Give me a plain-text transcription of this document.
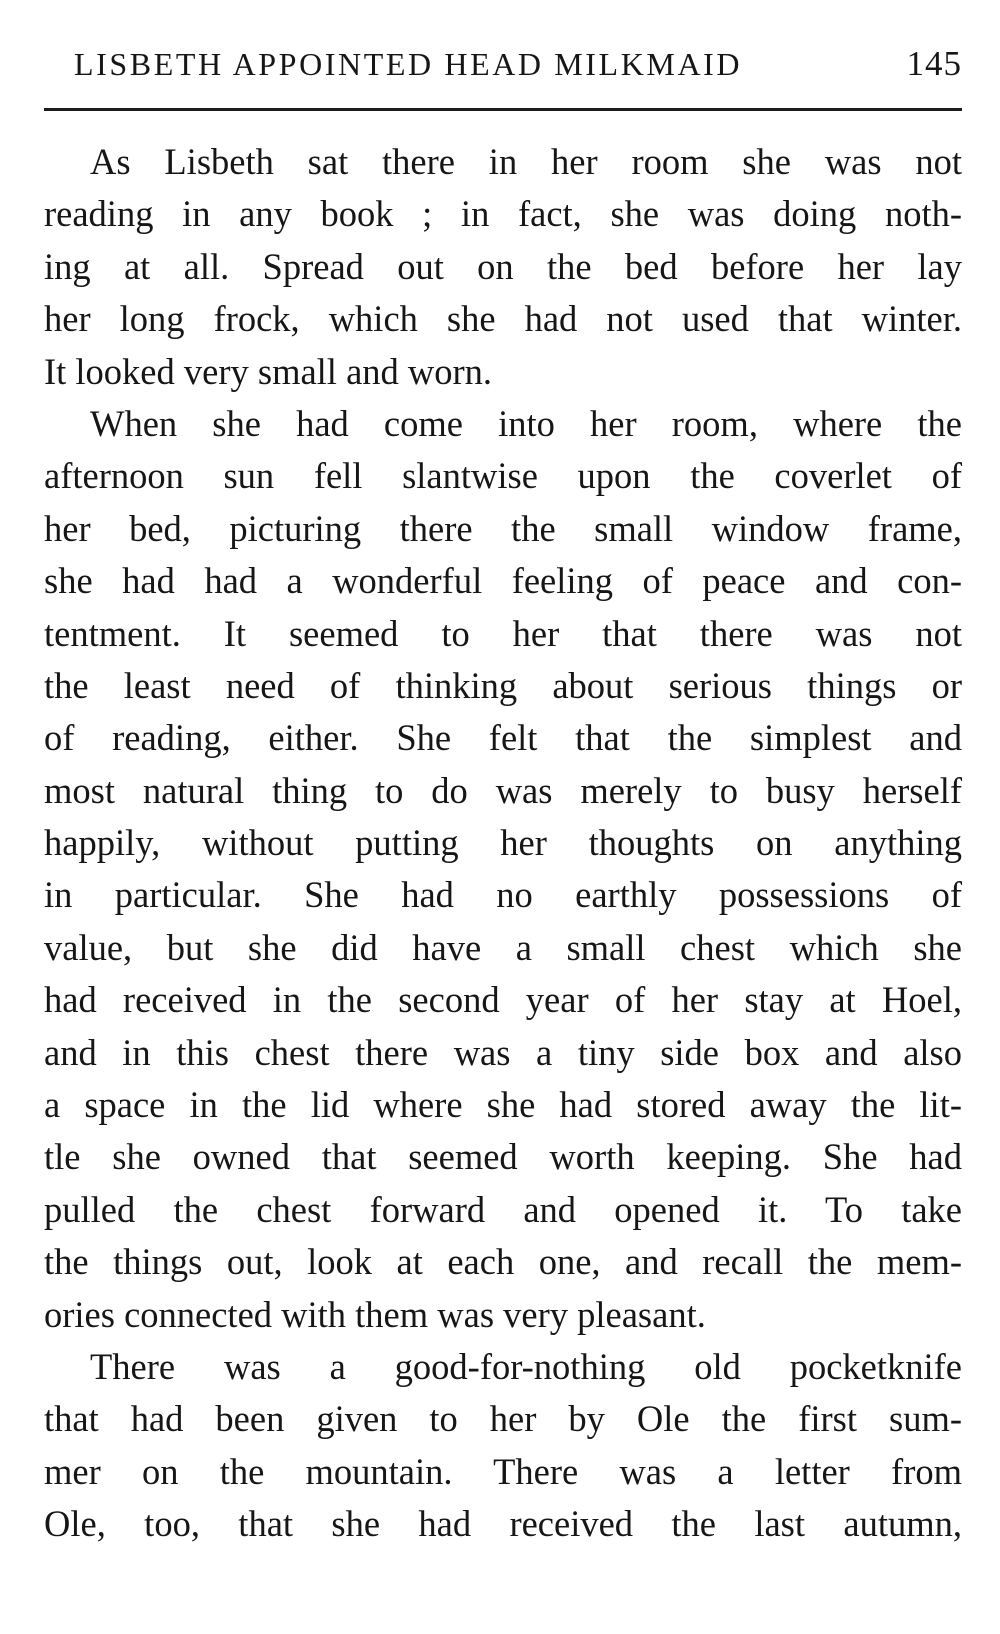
LISBETH APPOINTED HEAD MILKMAID	145
As Lisbeth sat there in her room she was not
reading in any book ; in fact, she was doing noth-
ing at all. Spread out on the bed before her lay
her long frock, which she had not used that winter.
It looked very small and worn.
When she had come into her room, where the
afternoon sun fell slantwise upon the coverlet of
her bed, picturing there the small window frame,
she had had a wonderful feeling of peace and con-
tentment. It seemed to her that there was not
the least need of thinking about serious things or
of reading, either. She felt that the simplest and
most natural thing to do was merely to busy herself
happily, without putting her thoughts on anything
in particular. She had no earthly possessions of
value, but she did have a small chest which she
had received in the second year of her stay at Hoel,
and in this chest there was a tiny side box and also
a space in the lid where she had stored away the lit-
tle she owned that seemed worth keeping. She had
pulled the chest forward and opened it. To take
the things out, look at each one, and recall the mem-
ories connected with them was very pleasant.
There was a good-for-nothing old pocketknife
that had been given to her by Ole the first sum-
mer on the mountain. There was a letter from
Ole, too, that she had received the last autumn,
